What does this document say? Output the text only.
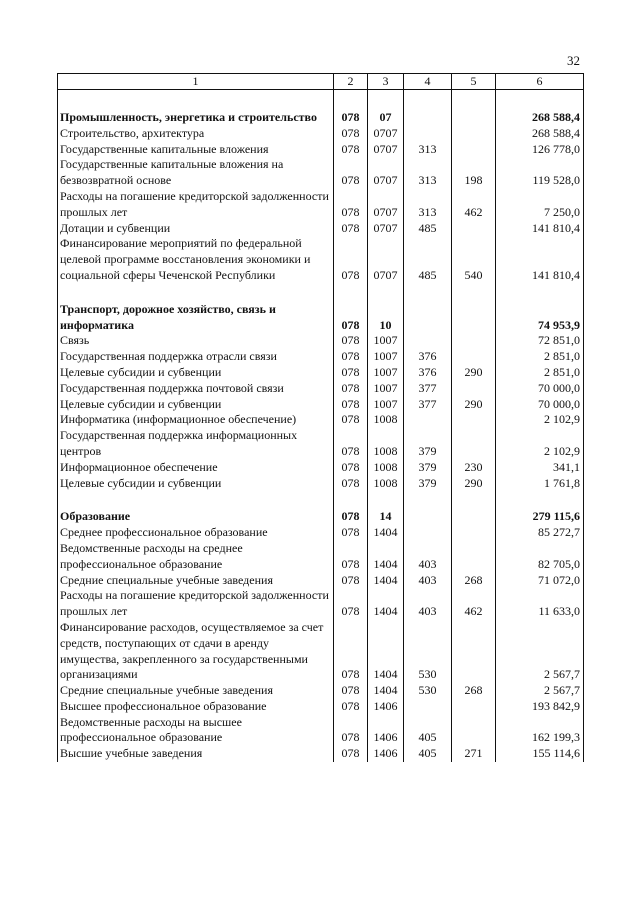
32
1	2	3	4	5	6

Промышленность, энергетика и строительство	078	07			268 588,4
Строительство, архитектура	078	0707			268 588,4
Государственные капитальные вложения	078	0707	313		126 778,0
Государственные капитальные вложения на безвозвратной основе	078	0707	313	198	119 528,0
Расходы на погашение кредиторской задолженности прошлых лет	078	0707	313	462	7 250,0
Дотации и субвенции	078	0707	485		141 810,4
Финансирование мероприятий по федеральной целевой программе восстановления экономики и социальной сферы Чеченской Республики	078	0707	485	540	141 810,4

Транспорт, дорожное хозяйство, связь и информатика	078	10			74 953,9
Связь	078	1007			72 851,0
Государственная поддержка отрасли связи	078	1007	376		2 851,0
Целевые субсидии и субвенции	078	1007	376	290	2 851,0
Государственная поддержка почтовой связи	078	1007	377		70 000,0
Целевые субсидии и субвенции	078	1007	377	290	70 000,0
Информатика (информационное обеспечение)	078	1008			2 102,9
Государственная поддержка информационных центров	078	1008	379		2 102,9
Информационное обеспечение	078	1008	379	230	341,1
Целевые субсидии и субвенции	078	1008	379	290	1 761,8

Образование	078	14			279 115,6
Среднее профессиональное образование	078	1404			85 272,7
Ведомственные расходы на среднее профессиональное образование	078	1404	403		82 705,0
Средние специальные учебные заведения	078	1404	403	268	71 072,0
Расходы на погашение кредиторской задолженности прошлых лет	078	1404	403	462	11 633,0
Финансирование расходов, осуществляемое за счет средств, поступающих от сдачи в аренду имущества, закрепленного за государственными организациями	078	1404	530		2 567,7
Средние специальные учебные заведения	078	1404	530	268	2 567,7
Высшее профессиональное образование	078	1406			193 842,9
Ведомственные расходы на высшее профессиональное образование	078	1406	405		162 199,3
Высшие учебные заведения	078	1406	405	271	155 114,6
